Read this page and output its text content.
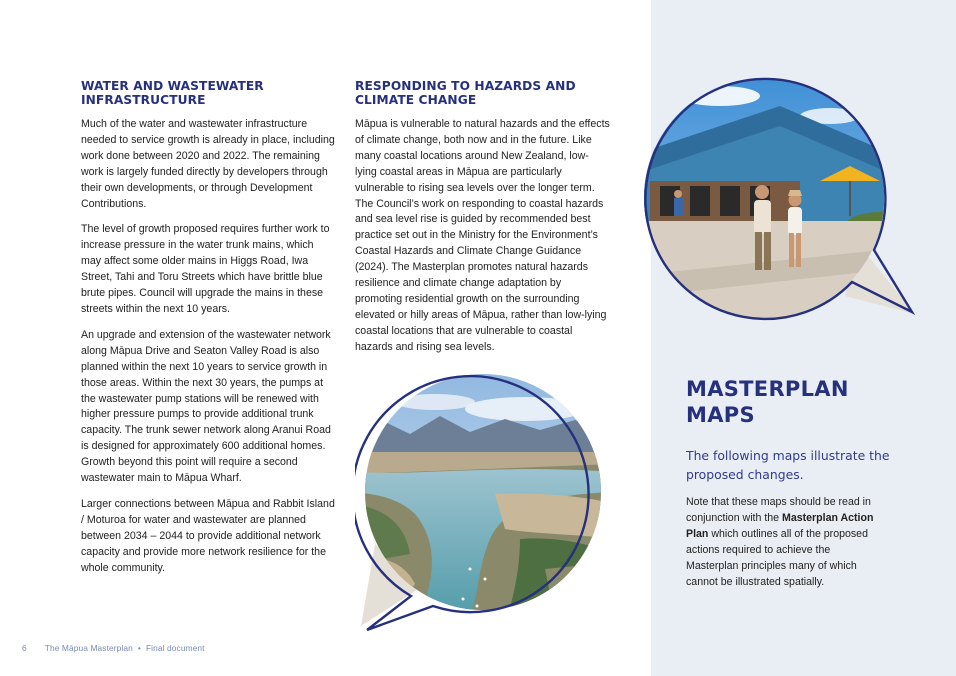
WATER AND WASTEWATER INFRASTRUCTURE

Much of the water and wastewater infrastructure needed to service growth is already in place, including work done between 2020 and 2022. The remaining work is largely funded directly by developers through their own developments, or through Development Contributions.

The level of growth proposed requires further work to increase pressure in the water trunk mains, which may affect some older mains in Higgs Road, Iwa Street, Tahi and Toru Streets which have brittle blue brute pipes. Council will upgrade the mains in these streets within the next 10 years.

An upgrade and extension of the wastewater network along Māpua Drive and Seaton Valley Road is also planned within the next 10 years to service growth in those areas. Within the next 30 years, the pumps at the wastewater pump stations will be renewed with higher pressure pumps to provide additional trunk capacity. The trunk sewer network along Aranui Road is designed for approximately 600 additional homes. Growth beyond this point will require a second wastewater main to Māpua Wharf.

Larger connections between Māpua and Rabbit Island / Moturoa for water and wastewater are planned between 2034 – 2044 to provide additional network capacity and provide more network resilience for the whole community.

RESPONDING TO HAZARDS AND CLIMATE CHANGE

Māpua is vulnerable to natural hazards and the effects of climate change, both now and in the future. Like many coastal locations around New Zealand, low-lying coastal areas in Māpua are particularly vulnerable to rising sea levels over the longer term. The Council’s work on responding to coastal hazards and sea level rise is guided by recommended best practice set out in the Ministry for the Environment’s Coastal Hazards and Climate Change Guidance (2024). The Masterplan promotes natural hazards resilience and climate change adaptation by promoting residential growth on the surrounding elevated or hilly areas of Māpua, rather than low-lying coastal locations that are vulnerable to coastal hazards and rising sea levels.

MASTERPLAN
MAPS

The following maps illustrate the proposed changes.

Note that these maps should be read in conjunction with the Masterplan Action Plan which outlines all of the proposed actions required to achieve the Masterplan principles many of which cannot be illustrated spatially.

6 The Māpua Masterplan • Final document
